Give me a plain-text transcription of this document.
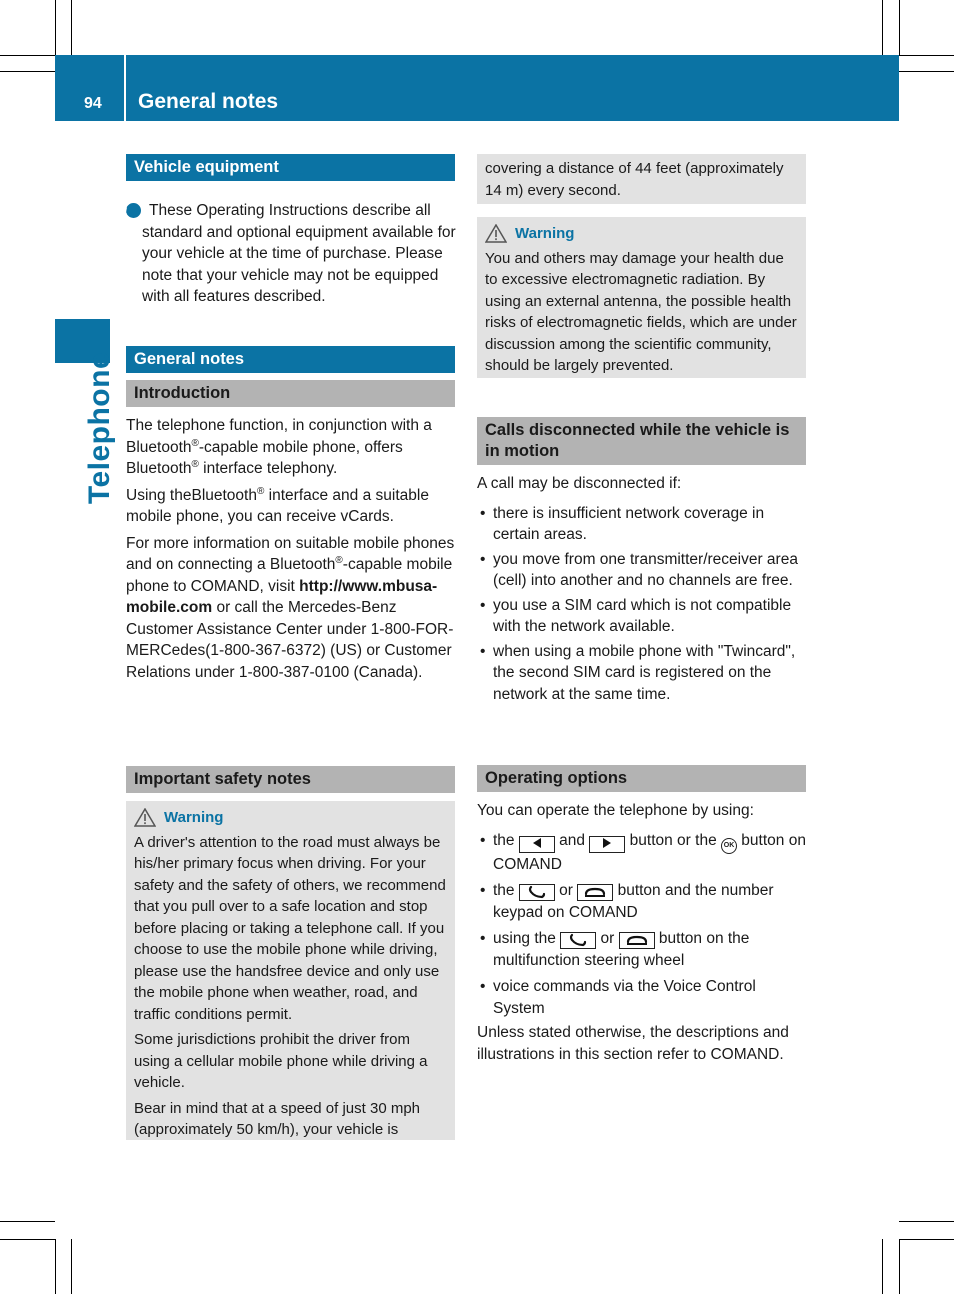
94 General notes
Telephone
Vehicle equipment

i These Operating Instructions describe all standard and optional equipment available for your vehicle at the time of purchase. Please note that your vehicle may not be equipped with all features described.

General notes
Introduction

The telephone function, in conjunction with a Bluetooth®-capable mobile phone, offers Bluetooth® interface telephony.

Using theBluetooth® interface and a suitable mobile phone, you can receive vCards.

For more information on suitable mobile phones and on connecting a Bluetooth®-capable mobile phone to COMAND, visit http://www.mbusa-mobile.com or call the Mercedes-Benz Customer Assistance Center under 1-800-FOR-MERCedes(1-800-367-6372) (US) or Customer Relations under 1-800-387-0100 (Canada).

Important safety notes
Warning

A driver's attention to the road must always be his/her primary focus when driving. For your safety and the safety of others, we recommend that you pull over to a safe location and stop before placing or taking a telephone call. If you choose to use the mobile phone while driving, please use the handsfree device and only use the mobile phone when weather, road, and traffic conditions permit.

Some jurisdictions prohibit the driver from using a cellular mobile phone while driving a vehicle.

Bear in mind that at a speed of just 30 mph (approximately 50 km/h), your vehicle is

covering a distance of 44 feet (approximately 14 m) every second.

Warning

You and others may damage your health due to excessive electromagnetic radiation. By using an external antenna, the possible health risks of electromagnetic fields, which are under discussion among the scientific community, should be largely prevented.

Calls disconnected while the vehicle is in motion

A call may be disconnected if:

• there is insufficient network coverage in certain areas.
• you move from one transmitter/receiver area (cell) into another and no channels are free.
• you use a SIM card which is not compatible with the network available.
• when using a mobile phone with "Twincard", the second SIM card is registered on the network at the same time.
Operating options

You can operate the telephone by using:

• the  and  button or the OK button on COMAND
• the  or  button and the number keypad on COMAND
• using the  or  button on the multifunction steering wheel
• voice commands via the Voice Control System

Unless stated otherwise, the descriptions and illustrations in this section refer to COMAND.
